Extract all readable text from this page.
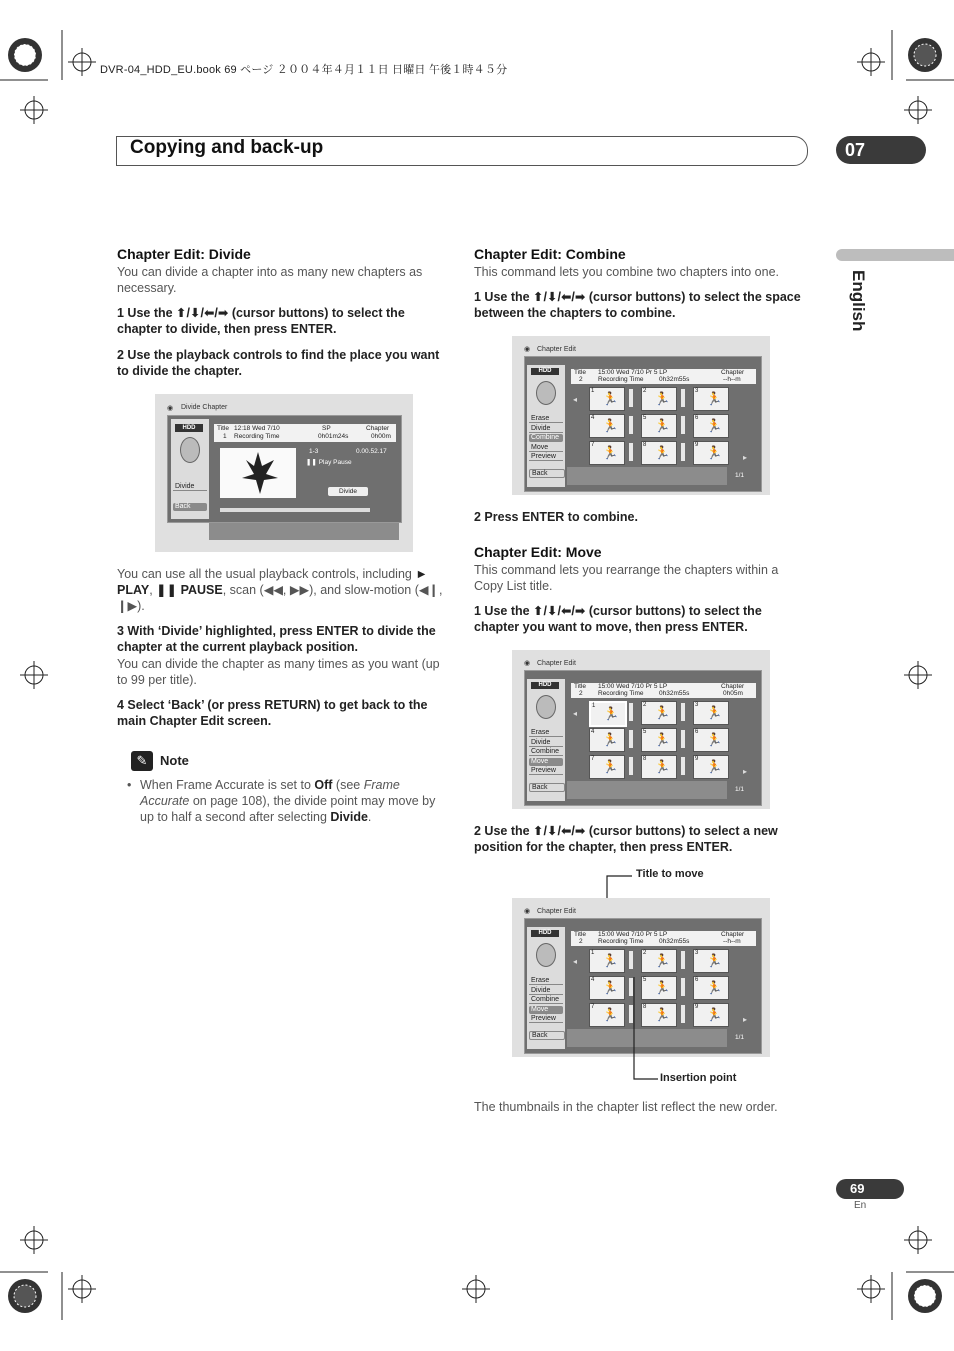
DVR-04_HDD_EU.book 69 ページ ２００４年４月１１日 日曜日 午後１時４５分
Copying and back-up	07
English
Chapter Edit: Divide
You can divide a chapter into as many new chapters as necessary.
1 Use the ⬆/⬇/⬅/➡ (cursor buttons) to select the chapter to divide, then press ENTER.
2 Use the playback controls to find the place you want to divide the chapter.
◉ Divide Chapter
HDD
Divide
Back
Title
1
12:18 Wed 7/10
Recording Time
SP
0h01m24s
Chapter
0h00m
1-3	0.00.52.17
❚❚ Play Pause
Divide
You can use all the usual playback controls, including ► PLAY, ❚❚ PAUSE, scan (◀◀, ▶▶), and slow-motion (◀❙, ❙▶).
3 With ‘Divide’ highlighted, press ENTER to divide the chapter at the current playback position.
You can divide the chapter as many times as you want (up to 99 per title).
4 Select ‘Back’ (or press RETURN) to get back to the main Chapter Edit screen.
✎ Note
• When Frame Accurate is set to Off (see Frame Accurate on page 108), the divide point may move by up to half a second after selecting Divide.
Chapter Edit: Combine
This command lets you combine two chapters into one.
1 Use the ⬆/⬇/⬅/➡ (cursor buttons) to select the space between the chapters to combine.
◉ Chapter Edit
HDD
Erase
Divide
Combine
Move
Preview
Back
Title
2
15:00 Wed 7/10 Pr 5 LP
Recording Time 0h32m55s
Chapter
--h--m
◂
▸
1 🏃	2 🏃	3 🏃
4 🏃	5 🏃	6 🏃
7 🏃	8 🏃	9 🏃
1/1
2 Press ENTER to combine.
Chapter Edit: Move
This command lets you rearrange the chapters within a Copy List title.
1 Use the ⬆/⬇/⬅/➡ (cursor buttons) to select the chapter you want to move, then press ENTER.
◉ Chapter Edit
HDD
Erase
Divide
Combine
Move
Preview
Back
Title
2
15:00 Wed 7/10 Pr 5 LP
Recording Time 0h32m55s
Chapter
0h05m
◂
▸
1 🏃
2 🏃	3 🏃
4 🏃	5 🏃	6 🏃
7 🏃	8 🏃	9 🏃
1/1
2 Use the ⬆/⬇/⬅/➡ (cursor buttons) to select a new position for the chapter, then press ENTER.
Title to move
◉ Chapter Edit
HDD
Erase
Divide
Combine
Move
Preview
Back
Title
2
15:00 Wed 7/10 Pr 5 LP
Recording Time 0h32m55s
Chapter
--h--m
◂
▸
1 🏃	2 🏃	3 🏃
4 🏃	5 🏃	6 🏃
7 🏃	8 🏃	9 🏃
1/1
Insertion point
The thumbnails in the chapter list reflect the new order.
69
En
